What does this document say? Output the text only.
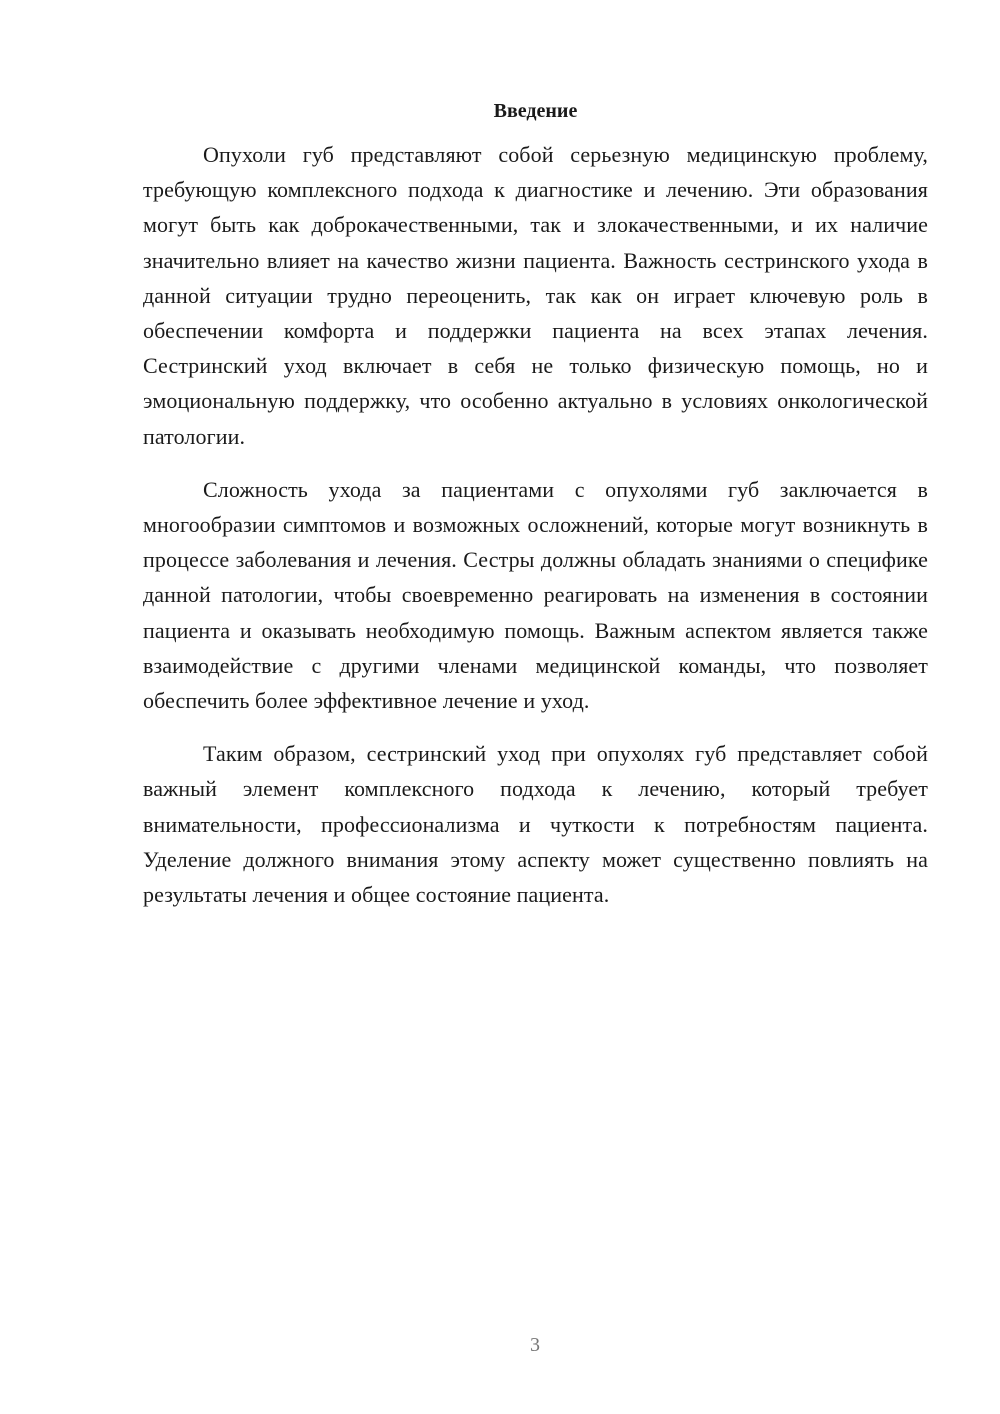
Введение

Опухоли губ представляют собой серьезную медицинскую проблему, требующую комплексного подхода к диагностике и лечению. Эти образования могут быть как доброкачественными, так и злокачественными, и их наличие значительно влияет на качество жизни пациента. Важность сестринского ухода в данной ситуации трудно переоценить, так как он играет ключевую роль в обеспечении комфорта и поддержки пациента на всех этапах лечения. Сестринский уход включает в себя не только физическую помощь, но и эмоциональную поддержку, что особенно актуально в условиях онкологической патологии.

Сложность ухода за пациентами с опухолями губ заключается в многообразии симптомов и возможных осложнений, которые могут возникнуть в процессе заболевания и лечения. Сестры должны обладать знаниями о специфике данной патологии, чтобы своевременно реагировать на изменения в состоянии пациента и оказывать необходимую помощь. Важным аспектом является также взаимодействие с другими членами медицинской команды, что позволяет обеспечить более эффективное лечение и уход.

Таким образом, сестринский уход при опухолях губ представляет собой важный элемент комплексного подхода к лечению, который требует внимательности, профессионализма и чуткости к потребностям пациента. Уделение должного внимания этому аспекту может существенно повлиять на результаты лечения и общее состояние пациента.

3
